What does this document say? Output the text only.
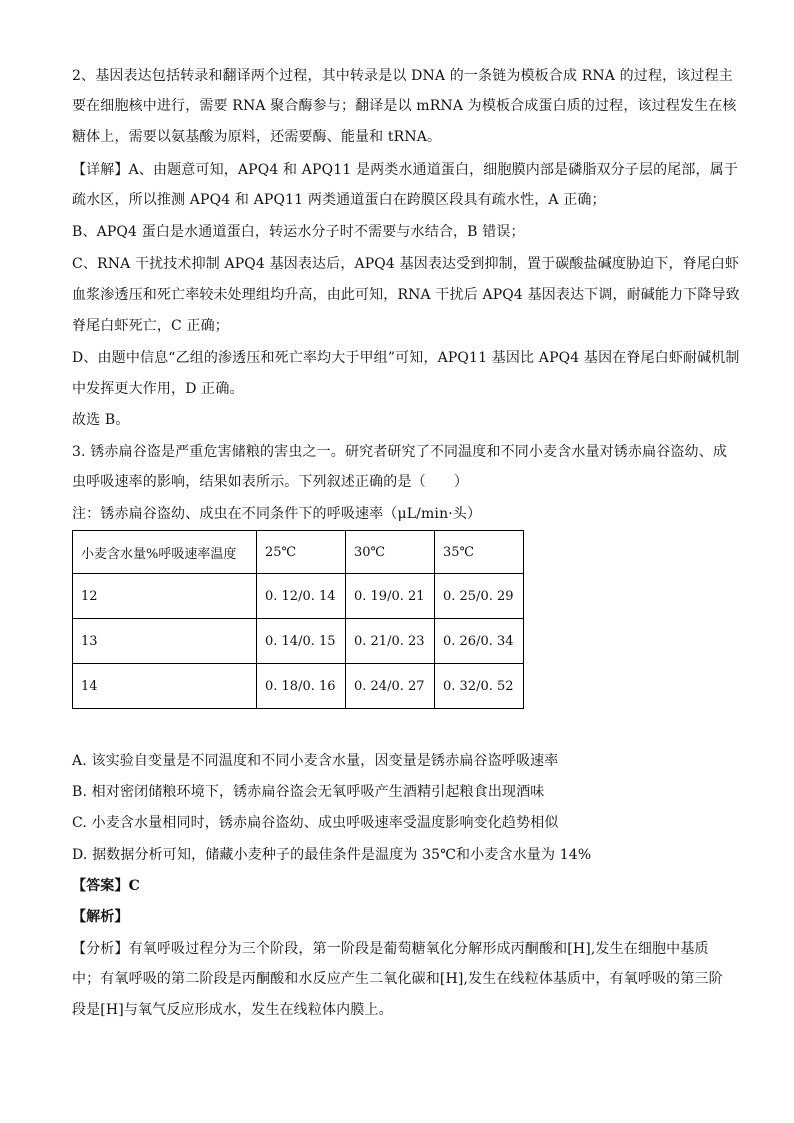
2、基因表达包括转录和翻译两个过程，其中转录是以 DNA 的一条链为模板合成 RNA 的过程，该过程主
要在细胞核中进行，需要 RNA 聚合酶参与；翻译是以 mRNA 为模板合成蛋白质的过程，该过程发生在核
糖体上，需要以氨基酸为原料，还需要酶、能量和 tRNA。
【详解】A、由题意可知，APQ4 和 APQ11 是两类水通道蛋白，细胞膜内部是磷脂双分子层的尾部，属于
疏水区，所以推测 APQ4 和 APQ11 两类通道蛋白在跨膜区段具有疏水性，A 正确；
B、APQ4 蛋白是水通道蛋白，转运水分子时不需要与水结合，B 错误；
C、RNA 干扰技术抑制 APQ4 基因表达后，APQ4 基因表达受到抑制，置于碳酸盐碱度胁迫下，脊尾白虾
血浆渗透压和死亡率较未处理组均升高，由此可知，RNA 干扰后 APQ4 基因表达下调，耐碱能力下降导致
脊尾白虾死亡，C 正确；
D、由题中信息“乙组的渗透压和死亡率均大于甲组”可知，APQ11 基因比 APQ4 基因在脊尾白虾耐碱机制
中发挥更大作用，D 正确。
故选 B。
3. 锈赤扁谷盗是严重危害储粮的害虫之一。研究者研究了不同温度和不同小麦含水量对锈赤扁谷盗幼、成
虫呼吸速率的影响，结果如表所示。下列叙述正确的是（　　）
注：锈赤扁谷盗幼、成虫在不同条件下的呼吸速率（μL/min·头）
小麦含水量%呼吸速率温度	25℃	30℃	35℃
12	0. 12/0. 14	0. 19/0. 21	0. 25/0. 29
13	0. 14/0. 15	0. 21/0. 23	0. 26/0. 34
14	0. 18/0. 16	0. 24/0. 27	0. 32/0. 52
A. 该实验自变量是不同温度和不同小麦含水量，因变量是锈赤扁谷盗呼吸速率
B. 相对密闭储粮环境下，锈赤扁谷盗会无氧呼吸产生酒精引起粮食出现酒味
C. 小麦含水量相同时，锈赤扁谷盗幼、成虫呼吸速率受温度影响变化趋势相似
D. 据数据分析可知，储藏小麦种子的最佳条件是温度为 35℃和小麦含水量为 14%
【答案】C
【解析】
【分析】有氧呼吸过程分为三个阶段，第一阶段是葡萄糖氧化分解形成丙酮酸和[H],发生在细胞中基质
中；有氧呼吸的第二阶段是丙酮酸和水反应产生二氧化碳和[H],发生在线粒体基质中，有氧呼吸的第三阶
段是[H]与氧气反应形成水，发生在线粒体内膜上。
